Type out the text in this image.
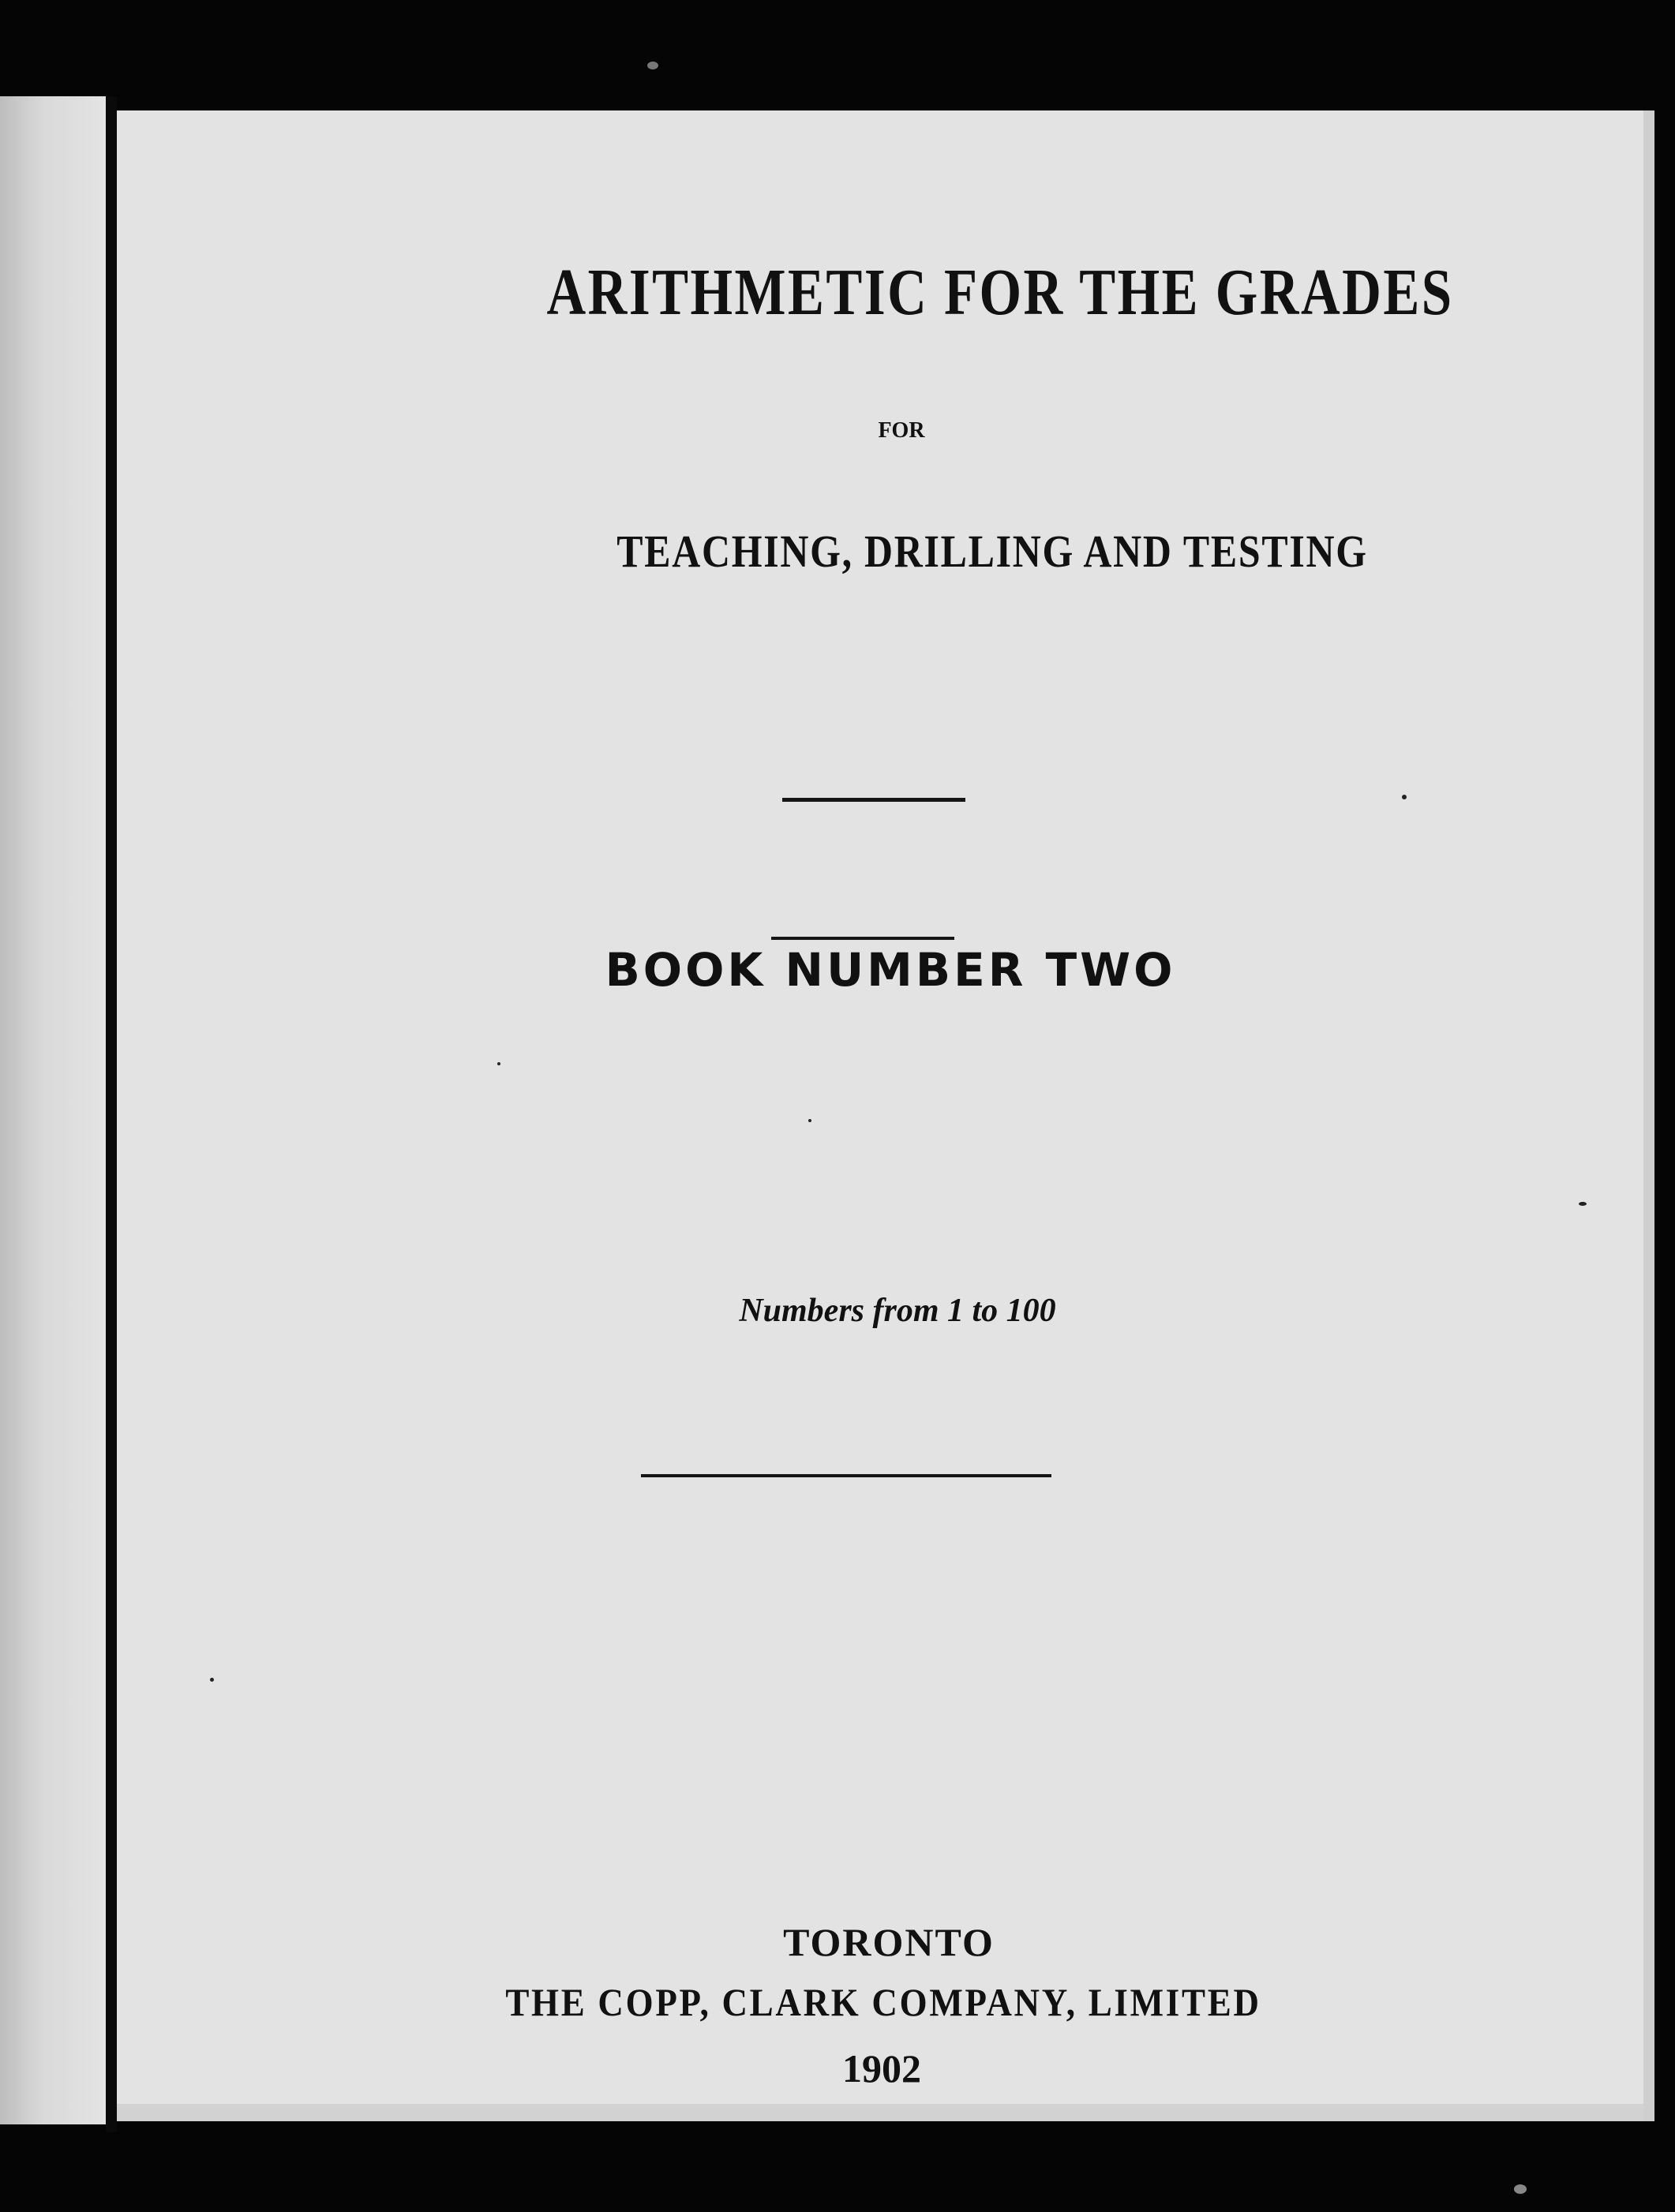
ARITHMETIC FOR THE GRADES
FOR
TEACHING, DRILLING AND TESTING
BOOK NUMBER TWO
Numbers from 1 to 100
TORONTO
THE COPP, CLARK COMPANY, LIMITED
1902
